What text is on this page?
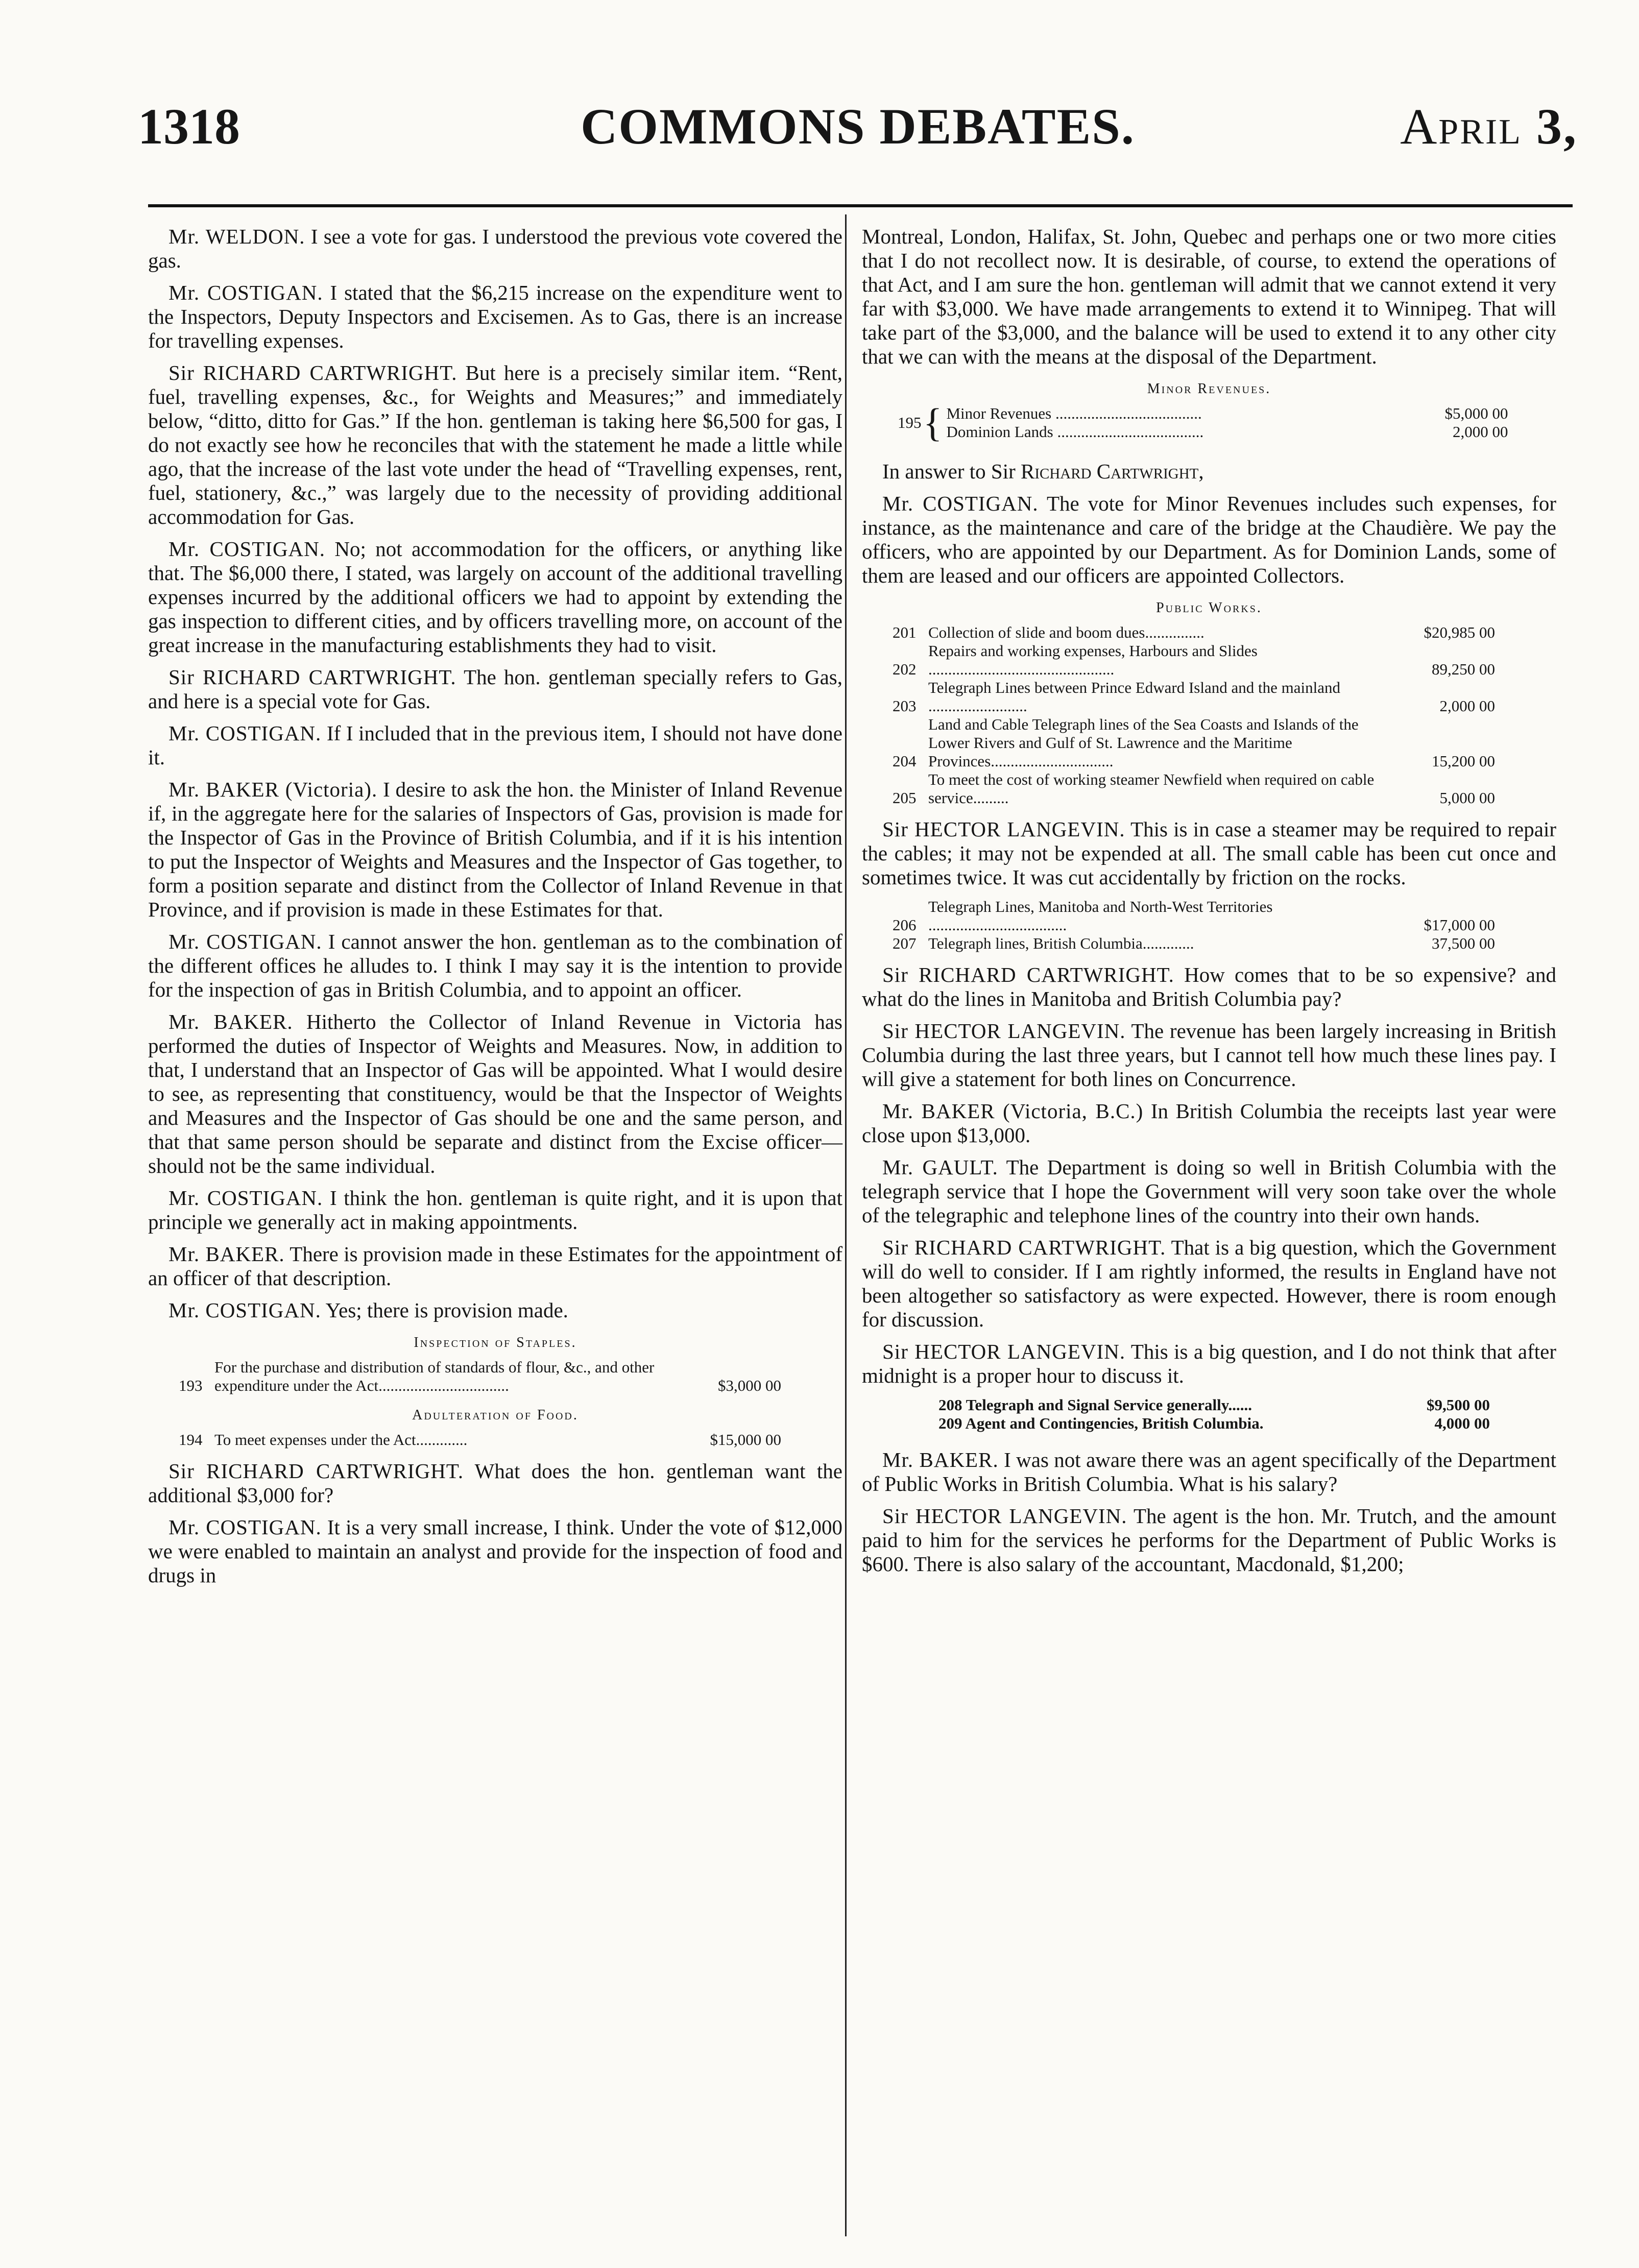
1318	COMMONS DEBATES.	April 3,

Mr. WELDON. I see a vote for gas. I understood the previous vote covered the gas.

Mr. COSTIGAN. I stated that the $6,215 increase on the expenditure went to the Inspectors, Deputy Inspectors and Excisemen. As to Gas, there is an increase for travelling expenses.

Sir RICHARD CARTWRIGHT. But here is a precisely similar item. “Rent, fuel, travelling expenses, &c., for Weights and Measures;” and immediately below, “ditto, ditto for Gas.” If the hon. gentleman is taking here $6,500 for gas, I do not exactly see how he reconciles that with the statement he made a little while ago, that the increase of the last vote under the head of “Travelling expenses, rent, fuel, stationery, &c.,” was largely due to the necessity of providing additional accommodation for Gas.

Mr. COSTIGAN. No; not accommodation for the officers, or anything like that. The $6,000 there, I stated, was largely on account of the additional travelling expenses incurred by the additional officers we had to appoint by extending the gas inspection to different cities, and by officers travelling more, on account of the great increase in the manufacturing establishments they had to visit.

Sir RICHARD CARTWRIGHT. The hon. gentleman specially refers to Gas, and here is a special vote for Gas.

Mr. COSTIGAN. If I included that in the previous item, I should not have done it.

Mr. BAKER (Victoria). I desire to ask the hon. the Minister of Inland Revenue if, in the aggregate here for the salaries of Inspectors of Gas, provision is made for the Inspector of Gas in the Province of British Columbia, and if it is his intention to put the Inspector of Weights and Measures and the Inspector of Gas together, to form a position separate and distinct from the Collector of Inland Revenue in that Province, and if provision is made in these Estimates for that.

Mr. COSTIGAN. I cannot answer the hon. gentleman as to the combination of the different offices he alludes to. I think I may say it is the intention to provide for the inspection of gas in British Columbia, and to appoint an officer.

Mr. BAKER. Hitherto the Collector of Inland Revenue in Victoria has performed the duties of Inspector of Weights and Measures. Now, in addition to that, I understand that an Inspector of Gas will be appointed. What I would desire to see, as representing that constituency, would be that the Inspector of Weights and Measures and the Inspector of Gas should be one and the same person, and that that same person should be separate and distinct from the Excise officer—should not be the same individual.

Mr. COSTIGAN. I think the hon. gentleman is quite right, and it is upon that principle we generally act in making appointments.

Mr. BAKER. There is provision made in these Estimates for the appointment of an officer of that description.

Mr. COSTIGAN. Yes; there is provision made.

Inspection of Staples.
193	For the purchase and distribution of standards of flour, &c., and other expenditure under the Act.................................	$3,000 00
Adulteration of Food.
194	To meet expenses under the Act.............	$15,000 00

Sir RICHARD CARTWRIGHT. What does the hon. gentleman want the additional $3,000 for?

Mr. COSTIGAN. It is a very small increase, I think. Under the vote of $12,000 we were enabled to maintain an analyst and provide for the inspection of food and drugs in

Montreal, London, Halifax, St. John, Quebec and perhaps one or two more cities that I do not recollect now. It is desirable, of course, to extend the operations of that Act, and I am sure the hon. gentleman will admit that we cannot extend it very far with $3,000. We have made arrangements to extend it to Winnipeg. That will take part of the $3,000, and the balance will be used to extend it to any other city that we can with the means at the disposal of the Department.

Minor Revenues.
195 { Minor Revenues .....................................	$5,000 00
Dominion Lands .....................................	2,000 00

In answer to Sir Richard Cartwright,

Mr. COSTIGAN. The vote for Minor Revenues includes such expenses, for instance, as the maintenance and care of the bridge at the Chaudière. We pay the officers, who are appointed by our Department. As for Dominion Lands, some of them are leased and our officers are appointed Collectors.

Public Works.
201	Collection of slide and boom dues...............	$20,985 00
202	Repairs and working expenses, Harbours and Slides ...............................................	89,250 00
203	Telegraph Lines between Prince Edward Island and the mainland .........................	2,000 00
204	Land and Cable Telegraph lines of the Sea Coasts and Islands of the Lower Rivers and Gulf of St. Lawrence and the Maritime Provinces...............................	15,200 00
205	To meet the cost of working steamer Newfield when required on cable service.........	5,000 00

Sir HECTOR LANGEVIN. This is in case a steamer may be required to repair the cables; it may not be expended at all. The small cable has been cut once and sometimes twice. It was cut accidentally by friction on the rocks.

206	Telegraph Lines, Manitoba and North-West Territories ...................................	$17,000 00
207	Telegraph lines, British Columbia.............	37,500 00

Sir RICHARD CARTWRIGHT. How comes that to be so expensive? and what do the lines in Manitoba and British Columbia pay?

Sir HECTOR LANGEVIN. The revenue has been largely increasing in British Columbia during the last three years, but I cannot tell how much these lines pay. I will give a statement for both lines on Concurrence.

Mr. BAKER (Victoria, B.C.) In British Columbia the receipts last year were close upon $13,000.

Mr. GAULT. The Department is doing so well in British Columbia with the telegraph service that I hope the Government will very soon take over the whole of the telegraphic and telephone lines of the country into their own hands.

Sir RICHARD CARTWRIGHT. That is a big question, which the Government will do well to consider. If I am rightly informed, the results in England have not been altogether so satisfactory as were expected. However, there is room enough for discussion.

Sir HECTOR LANGEVIN. This is a big question, and I do not think that after midnight is a proper hour to discuss it.

208 Telegraph and Signal Service generally......	$9,500 00
209 Agent and Contingencies, British Columbia.	4,000 00

Mr. BAKER. I was not aware there was an agent specifically of the Department of Public Works in British Columbia. What is his salary?

Sir HECTOR LANGEVIN. The agent is the hon. Mr. Trutch, and the amount paid to him for the services he performs for the Department of Public Works is $600. There is also salary of the accountant, Macdonald, $1,200;
